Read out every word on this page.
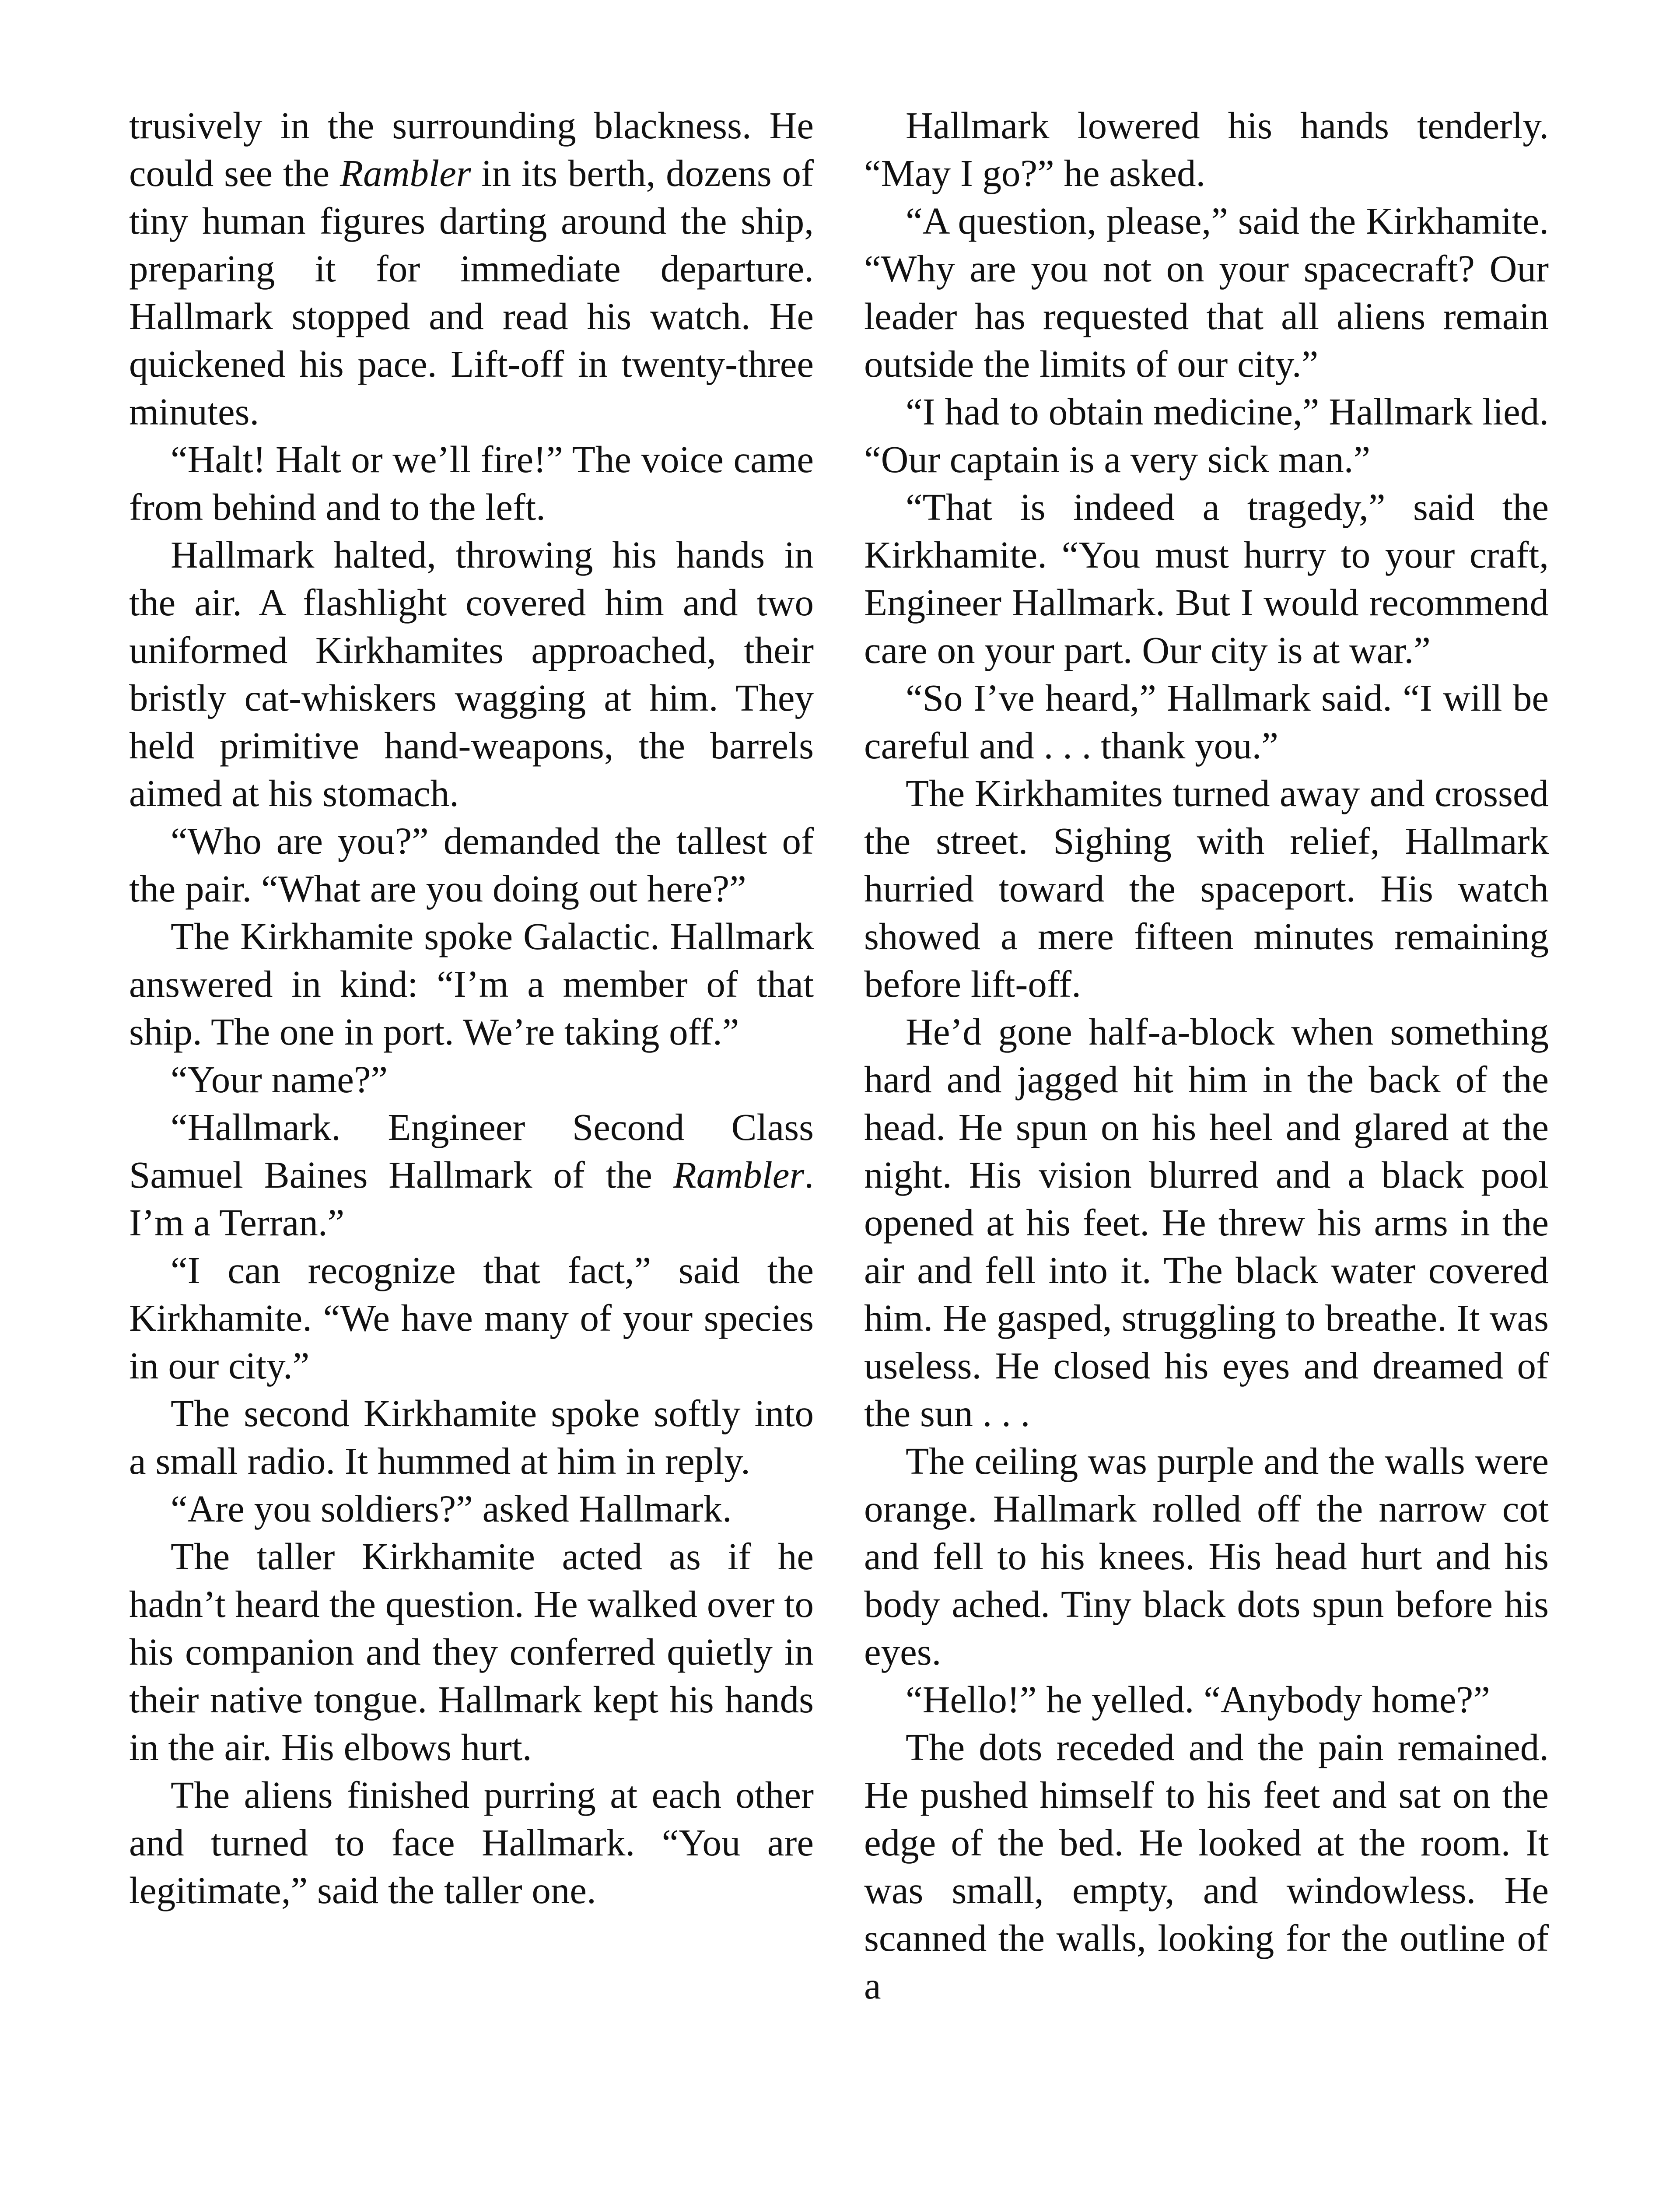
trusively in the surrounding blackness. He could see the Rambler in its berth, dozens of tiny human figures darting around the ship, preparing it for immediate departure. Hallmark stopped and read his watch. He quickened his pace. Lift-off in twenty-three minutes.

“Halt! Halt or we’ll fire!” The voice came from behind and to the left.

Hallmark halted, throwing his hands in the air. A flashlight covered him and two uniformed Kirkhamites approached, their bristly cat-whiskers wagging at him. They held primitive hand-weapons, the barrels aimed at his stomach.

“Who are you?” demanded the tallest of the pair. “What are you doing out here?”

The Kirkhamite spoke Galactic. Hallmark answered in kind: “I’m a member of that ship. The one in port. We’re taking off.”

“Your name?”

“Hallmark. Engineer Second Class Samuel Baines Hallmark of the Rambler. I’m a Terran.”

“I can recognize that fact,” said the Kirkhamite. “We have many of your species in our city.”

The second Kirkhamite spoke softly into a small radio. It hummed at him in reply.

“Are you soldiers?” asked Hallmark.

The taller Kirkhamite acted as if he hadn’t heard the question. He walked over to his companion and they conferred quietly in their native tongue. Hallmark kept his hands in the air. His elbows hurt.

The aliens finished purring at each other and turned to face Hallmark. “You are legitimate,” said the taller one.

Hallmark lowered his hands tenderly. “May I go?” he asked.

“A question, please,” said the Kirkhamite. “Why are you not on your spacecraft? Our leader has requested that all aliens remain outside the limits of our city.”

“I had to obtain medicine,” Hallmark lied. “Our captain is a very sick man.”

“That is indeed a tragedy,” said the Kirkhamite. “You must hurry to your craft, Engineer Hallmark. But I would recommend care on your part. Our city is at war.”

“So I’ve heard,” Hallmark said. “I will be careful and . . . thank you.”

The Kirkhamites turned away and crossed the street. Sighing with relief, Hallmark hurried toward the spaceport. His watch showed a mere fifteen minutes remaining before lift-off.

He’d gone half-a-block when something hard and jagged hit him in the back of the head. He spun on his heel and glared at the night. His vision blurred and a black pool opened at his feet. He threw his arms in the air and fell into it. The black water covered him. He gasped, struggling to breathe. It was useless. He closed his eyes and dreamed of the sun . . .

The ceiling was purple and the walls were orange. Hallmark rolled off the narrow cot and fell to his knees. His head hurt and his body ached. Tiny black dots spun before his eyes.

“Hello!” he yelled. “Anybody home?”

The dots receded and the pain remained. He pushed himself to his feet and sat on the edge of the bed. He looked at the room. It was small, empty, and windowless. He scanned the walls, looking for the outline of a
